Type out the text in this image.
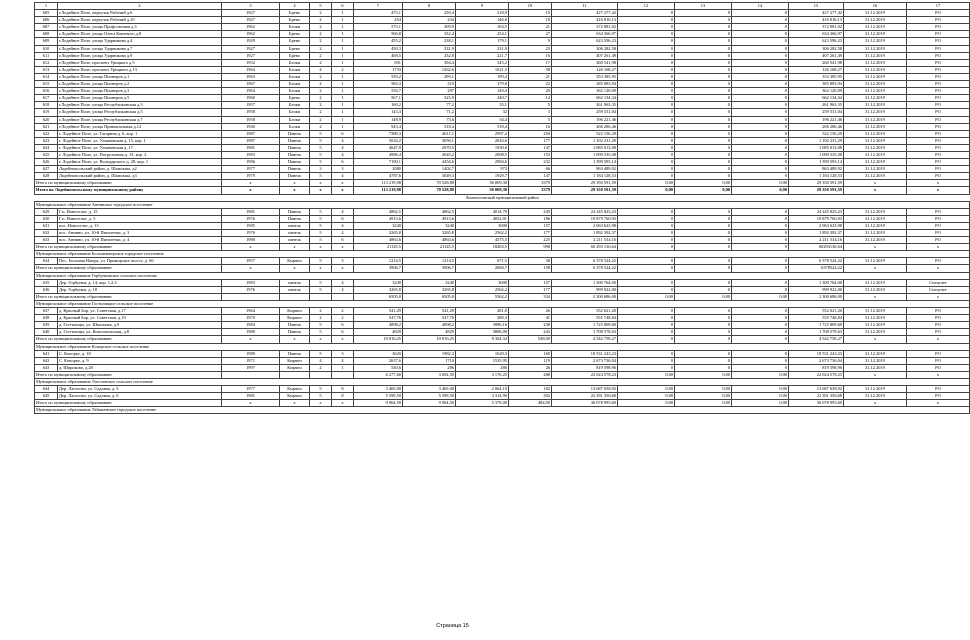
1	2	3	4	5	6	7	8	9	10	11	12	13	14	15	16	17	
605	г.Лодейное Поле, переулок Рабочий д.6	1927	Брево	2	1	475,1	250,4	218,9	15	427 277,42	0	0	0	427 277,42	31.12.2019	РО	
606	г.Лодейное Поле, переулок Рабочий д.10	1927	Брево	2	1	454	234	146,6	18	416 816,13	0	0	0	416 816,13	31.12.2019	РО	
607	г.Лодейное Поле, улица Профсоюзная д.3	1962	Блоки	2	1	575,1	309,9	164,5	21	372 081,02	0	0	0	372 081,02	31.12.2019	РО	
608	г.Лодейное Поле, улица Олега Кошевого д.8	1962	Брево	2	1	566,8	332,4	254,1	27	634 366,97	0	0	0	634 366,97	31.12.2019	РО	
609	г.Лодейное Поле, улица Ударникова д.4	1929	Брево	2	1	455,2	238,1	179,1	9	623 596,23	0	0	0	623 596,23	31.12.2019	РО	
610	г.Лодейное Поле, улица Ударникова д.7	1927	Брево	2	1	450,3	231,9	231,9	23	306 282,58	0	0	0	306 282,58	31.12.2019	РО	
611	г.Лодейное Поле, улица Ударникова д.9	1927	Брево	2	1	468,5	252,8	221,7	16	407 261,49	0	0	0	407 261,49	31.12.2019	РО	
612	г.Лодейное Поле, проспект Урицкого д.5	1952	Блоки	2	1	691	394,4	345,2	17	260 541,98	0	0	0	260 541,98	31.12.2019	РО	
613	г.Лодейное Поле, проспект Урицкого д.13	1964	Блоки	4	2	1733	1262,6	1021,5	58	126 168,27	0	0	0	126 168,27	31.12.2019	РО	
614	г.Лодейное Поле, улица Пионеров д.1	1963	Блоки	2	1	559,2	299,1	199,4	21	353 385,95	0	0	0	353 385,95	31.12.2019	РО	
615	г.Лодейное Поле, улица Пионеров д.2	1967	Блоки	2	1	584,3	310	179,8	22	385 883,94	0	0	0	385 883,94	31.12.2019	РО	
616	г.Лодейное Поле, улица Пионеров д.3	1964	Блоки	2	1	556,7	297	149,4	20	362 120,09	0	0	0	362 120,09	31.12.2019	РО	
617	г.Лодейное Поле, улица Пионеров д.5	1960	Брево	2	1	567,1	325,9	240,7	14	662 134,34	0	0	0	662 134,34	31.12.2019	РО	
618	г.Лодейное Поле, улица Республиканская д.3	1957	Блоки	2	1	160,2	77,2	35,1	5	261 963,35	0	0	0	261 963,35	31.12.2019	РО	
619	г.Лодейное Поле, улица Республиканская д.5	1958	Блоки	2	1	143,3	71,2	32	3	259 531,04	0	0	0	259 531,04	31.12.2019	РО	
620	г.Лодейное Поле, улица Республиканская д.7	1958	Блоки	2	1	148,9	73,6	34,4	5	196 221,46	0	0	0	196 221,46	31.12.2019	РО	
621	г.Лодейное Поле, улица Привокзальная д.12	1940	Блоки	2	1	943,4	518,4	518,4	16	266 286,46	0	0	0	266 286,46	31.12.2019	РО	
622	г. Лодейное Поле, ул. Гагарина д. 6, кор. 1	1987	Панель	5	6	7380,3	4611,1	2997,2	250	522 156,29	0	0	0	522 156,29	31.12.2019	РО	
623	г. Лодейное Поле, ул. Ульяновская д. 15, кор. 1	1987	Панель	5	4	5024,2	3050,1	2043,6	177	1 102 231,29	0	0	0	1 102 231,29	31.12.2019	РО	
624	г. Лодейное Поле, ул. Ульяновская д. 17	1981	Панель	5	4	4647,9	2970,5	1930,6	147	1 085 013,08	0	0	0	1 085 013,08	31.12.2019	РО	
625	г. Лодейное Поле, ул. Погрузочная д. 13, кор. 2	1983	Панель	5	4	4986,4	3043,2	2008,5	153	1 090 535,08	0	0	0	1 090 535,08	31.12.2019	РО	
626	г. Лодейное Поле, ул. Володарского д. 28, кор. 1	1986	Панель	5	6	7190,1	4454,6	2984,6	232	1 399 593,14	0	0	0	1 399 593,14	31.12.2019	РО	
627	Лодейнопольский район, д. Шамокша, д2	1977	Панель	3	3	2080	1402,7	973	66	863 489,92	0	0	0	863 489,92	31.12.2019	РО	
628	Лодейнопольский район, д. Шамокша, д3	1979	Панель	5	4	4787,6	3049,3	1929,7	147	1 184 128,53	0	0	0	1 184 128,53	31.12.2019	РО	
Итого по муниципальному образованию		x	x	x	x	113 219,98	70 528,80	56 009,30	3379	29 350 591,59	0,00	0,00	0,00	29 350 591,59	x	x	
Итого по Лодейнопольскому муниципальному району		x	x	x	x	113 219,98	70 528,80	56 009,30	3379	29 350 591,59	0,00	0,00	0,00	29 350 591,59	x	x	
Ломоносовский муниципальный район																	
Муниципальное образование Аннинское городское поселение																	
629	Г.п. Новоселье, д. 15	1981	Панель	5	4	4862,5	4862,5	4014,79	245	24 245 825,23	0	0	0	24 245 825,23	31.12.2019	РО	
630	Г.п. Новоселье, д. 5	1976	Панель	5	6	4913,6	4913,6	4052,01	186	19 879 760,93	0	0	0	19 879 760,93	31.12.2019	РО	
631	пос. Новоселье, д. 13	1985	панель	5	4	3240	3240	3000	157	2 063 623,98	0	0	0	2 063 623,98	31.12.2019	РО	
632	пос. Аннино, ул. 10-й Пятилетки, д. 3	1976	панель	5	4	3265,8	3265,8	2562,2	177	1 892 392,37	0	0	0	1 892 392,37	31.12.2019	РО	
633	пос. Аннино, ул. 10-й Пятилетки, д. 4	1980	панель	5	6	4863,6	4863,6	4575,5	225	2 211 534,16	0	0	0	2 211 534,16	31.12.2019	РО	
Итого по муниципальному образованию		x	x	x	x	21145,5	21145,5	18204,5	990	60 293 136,64	0	0	0	60293136,64	x	x	
Муниципальное образование Большеижорское городское поселение																	
634	Пос. Большая Ижора, ул. Приморское шоссе, д. 66	1957	Кирпич	5	3	1214,5	1214,5	671,5	30	6 378 524,22	0	0	0	6 378 524,22	31.12.2019	РО	
Итого по муниципальному образованию		x	x	x	x	3906,7	3906,7	2684,7	158	6 378 524,22	0	0	0	6378524,22	x	x	
Муниципальное образование Горбунковское сельское поселение																	
635	Дер. Горбунки, д. 14, кор. 1,2,3	1983	панель	5	4	3240	3240	3000	157	1 300 764,00	0	0	0	1 300 764,00	31.12.2019	Спецсчет	
636	Дер. Горбунки, д. 18	1976	панель	5	4	3265,8	3265,8	2562,2	177	999 922,00	0	0	0	999 922,00	31.12.2019	Спецсчет	
Итого по муниципальному образованию						6505,8	6505,8	5562,2	334	2 300 686,00	0,00	0,00	0,00	2 300 686,00	x	x	
Муниципальное образование Гостилицкое сельское поселение																	
637	д. Красный Бор, ул. Советская, д.17	1964	Кирпич	2	2	541,29	541,29	281,8	26	552 621,20	0	0	0	552 621,20	31.12.2019	РО	
638	д. Красный Бор, ул. Советская, д.19	1970	Кирпич	2	2	547,76	547,76	280,3	41	555 748,84	0	0	0	555 748,84	31.12.2019	РО	
639	д. Гостилицы, ул. Школьная, д.9	1984	Панель	5	6	4898,2	4898,2	3996,16	238	1 725 809,60	0	0	0	1 725 809,60	31.12.2019	РО	
640	д. Гостилицы, ул. Комсомольская, д.8	1980	Панель	5	6	4829	4829	3806,08	243	1 708 578,63	0	0	0	1 708 578,63	31.12.2019	РО	
Итого по муниципальному образованию		x	x	x	x	10 816,25	10 816,25	8 364,34	548,00	4 542 758,27	0	0	0	4 542 758,27	x	x	
Муниципальное образование Копорское сельское поселение																	
641	С. Копорье, д. 18	1989	Панель	5	3	3620	1982,3	1620,3	169	18 531 243,23	0	0	0	18 531 243,23	31.12.2019	РО	
642	С. Копорье, д. 9	1971	Кирпич	4	4	2657,6	1710	1535,95	119	2 673 736,04	0	0	0	2 673 736,04	31.12.2019	РО	
643	д. Широково, д.20	1997	Кирпич	2	1	530,6	286	286	26	819 598,96	0	0	0	819 598,96	31.12.2019	РО	
Итого по муниципальному образованию						6 277,60	3 692,50	3 176,25	288	22 024 578,23	0,00	0,00	0,00	22 024 578,23	x	x	
Муниципальное образование Лаголовское сельское поселение																	
644	Дер. Лаголово, ул. Садовая, д. 5	1977	Кирпич	5	8	3 465,00	3 465,00	2 064,10	182	13 687 638,92	0,00	0,00	0,00	13 687 638,92	31.12.2019	РО	
645	Дер. Лаголово, ул. Садовая, д. 6	1981	Кирпич	5	8	5 599,50	5 599,50	3 314,90	302	22 391 356,68	0,00	0,00	0,00	22 391 356,68	31.12.2019	РО	
Итого по муниципальному образованию		x	x	x	x	9 064,50	9 064,50	5 379,00	484,00	36 078 995,60	0,00	0,00	0,00	36 078 995,60	x	x	
Муниципальное образование Лебяженское городское поселение																	
Страница 15
